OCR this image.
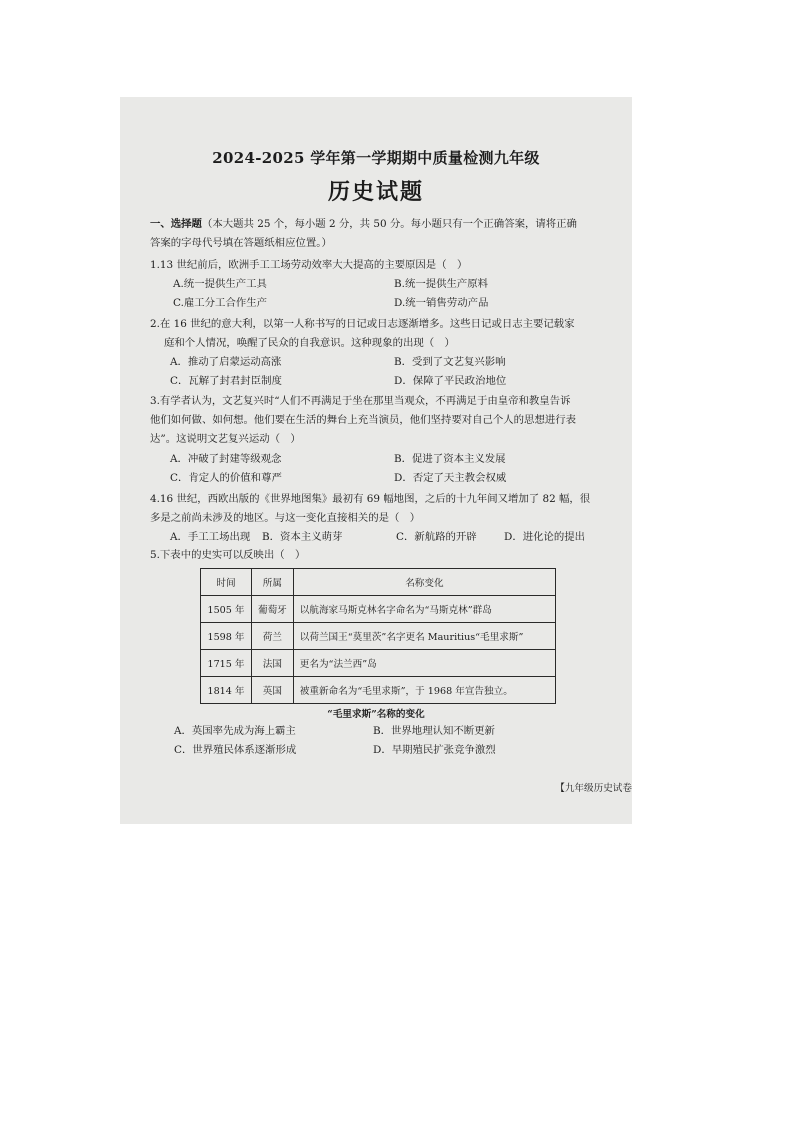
2024-2025 学年第一学期期中质量检测九年级
历史试题
一、选择题（本大题共 25 个，每小题 2 分，共 50 分。每小题只有一个正确答案，请将正确
答案的字母代号填在答题纸相应位置。）
1.13 世纪前后，欧洲手工工场劳动效率大大提高的主要原因是（　）
A.统一提供生产工具	B.统一提供生产原料
C.雇工分工合作生产	D.统一销售劳动产品
2.在 16 世纪的意大利，以第一人称书写的日记或日志逐渐增多。这些日记或日志主要记载家
庭和个人情况，唤醒了民众的自我意识。这种现象的出现（　）
A．推动了启蒙运动高涨	B．受到了文艺复兴影响
C．瓦解了封君封臣制度	D．保障了平民政治地位
3.有学者认为，文艺复兴时“人们不再满足于坐在那里当观众，不再满足于由皇帝和教皇告诉
他们如何做、如何想。他们要在生活的舞台上充当演员，他们坚持要对自己个人的思想进行表
达”。这说明文艺复兴运动（　）
A．冲破了封建等级观念	B．促进了资本主义发展
C．肯定人的价值和尊严	D．否定了天主教会权威
4.16 世纪，西欧出版的《世界地图集》最初有 69 幅地图，之后的十九年间又增加了 82 幅，很
多是之前尚未涉及的地区。与这一变化直接相关的是（　）
A．手工工场出现 B．资本主义萌芽	C．新航路的开辟	D．进化论的提出
5.下表中的史实可以反映出（　）
时间	所属	名称变化
1505 年	葡萄牙	以航海家马斯克林名字命名为“马斯克林”群岛
1598 年	荷兰	以荷兰国王“莫里茨”名字更名 Mauritius“毛里求斯”
1715 年	法国	更名为“法兰西”岛
1814 年	英国	被重新命名为“毛里求斯”，于 1968 年宣告独立。
“毛里求斯”名称的变化
A．英国率先成为海上霸主	B．世界地理认知不断更新
C．世界殖民体系逐渐形成	D．早期殖民扩张竞争激烈
【九年级历史试卷
